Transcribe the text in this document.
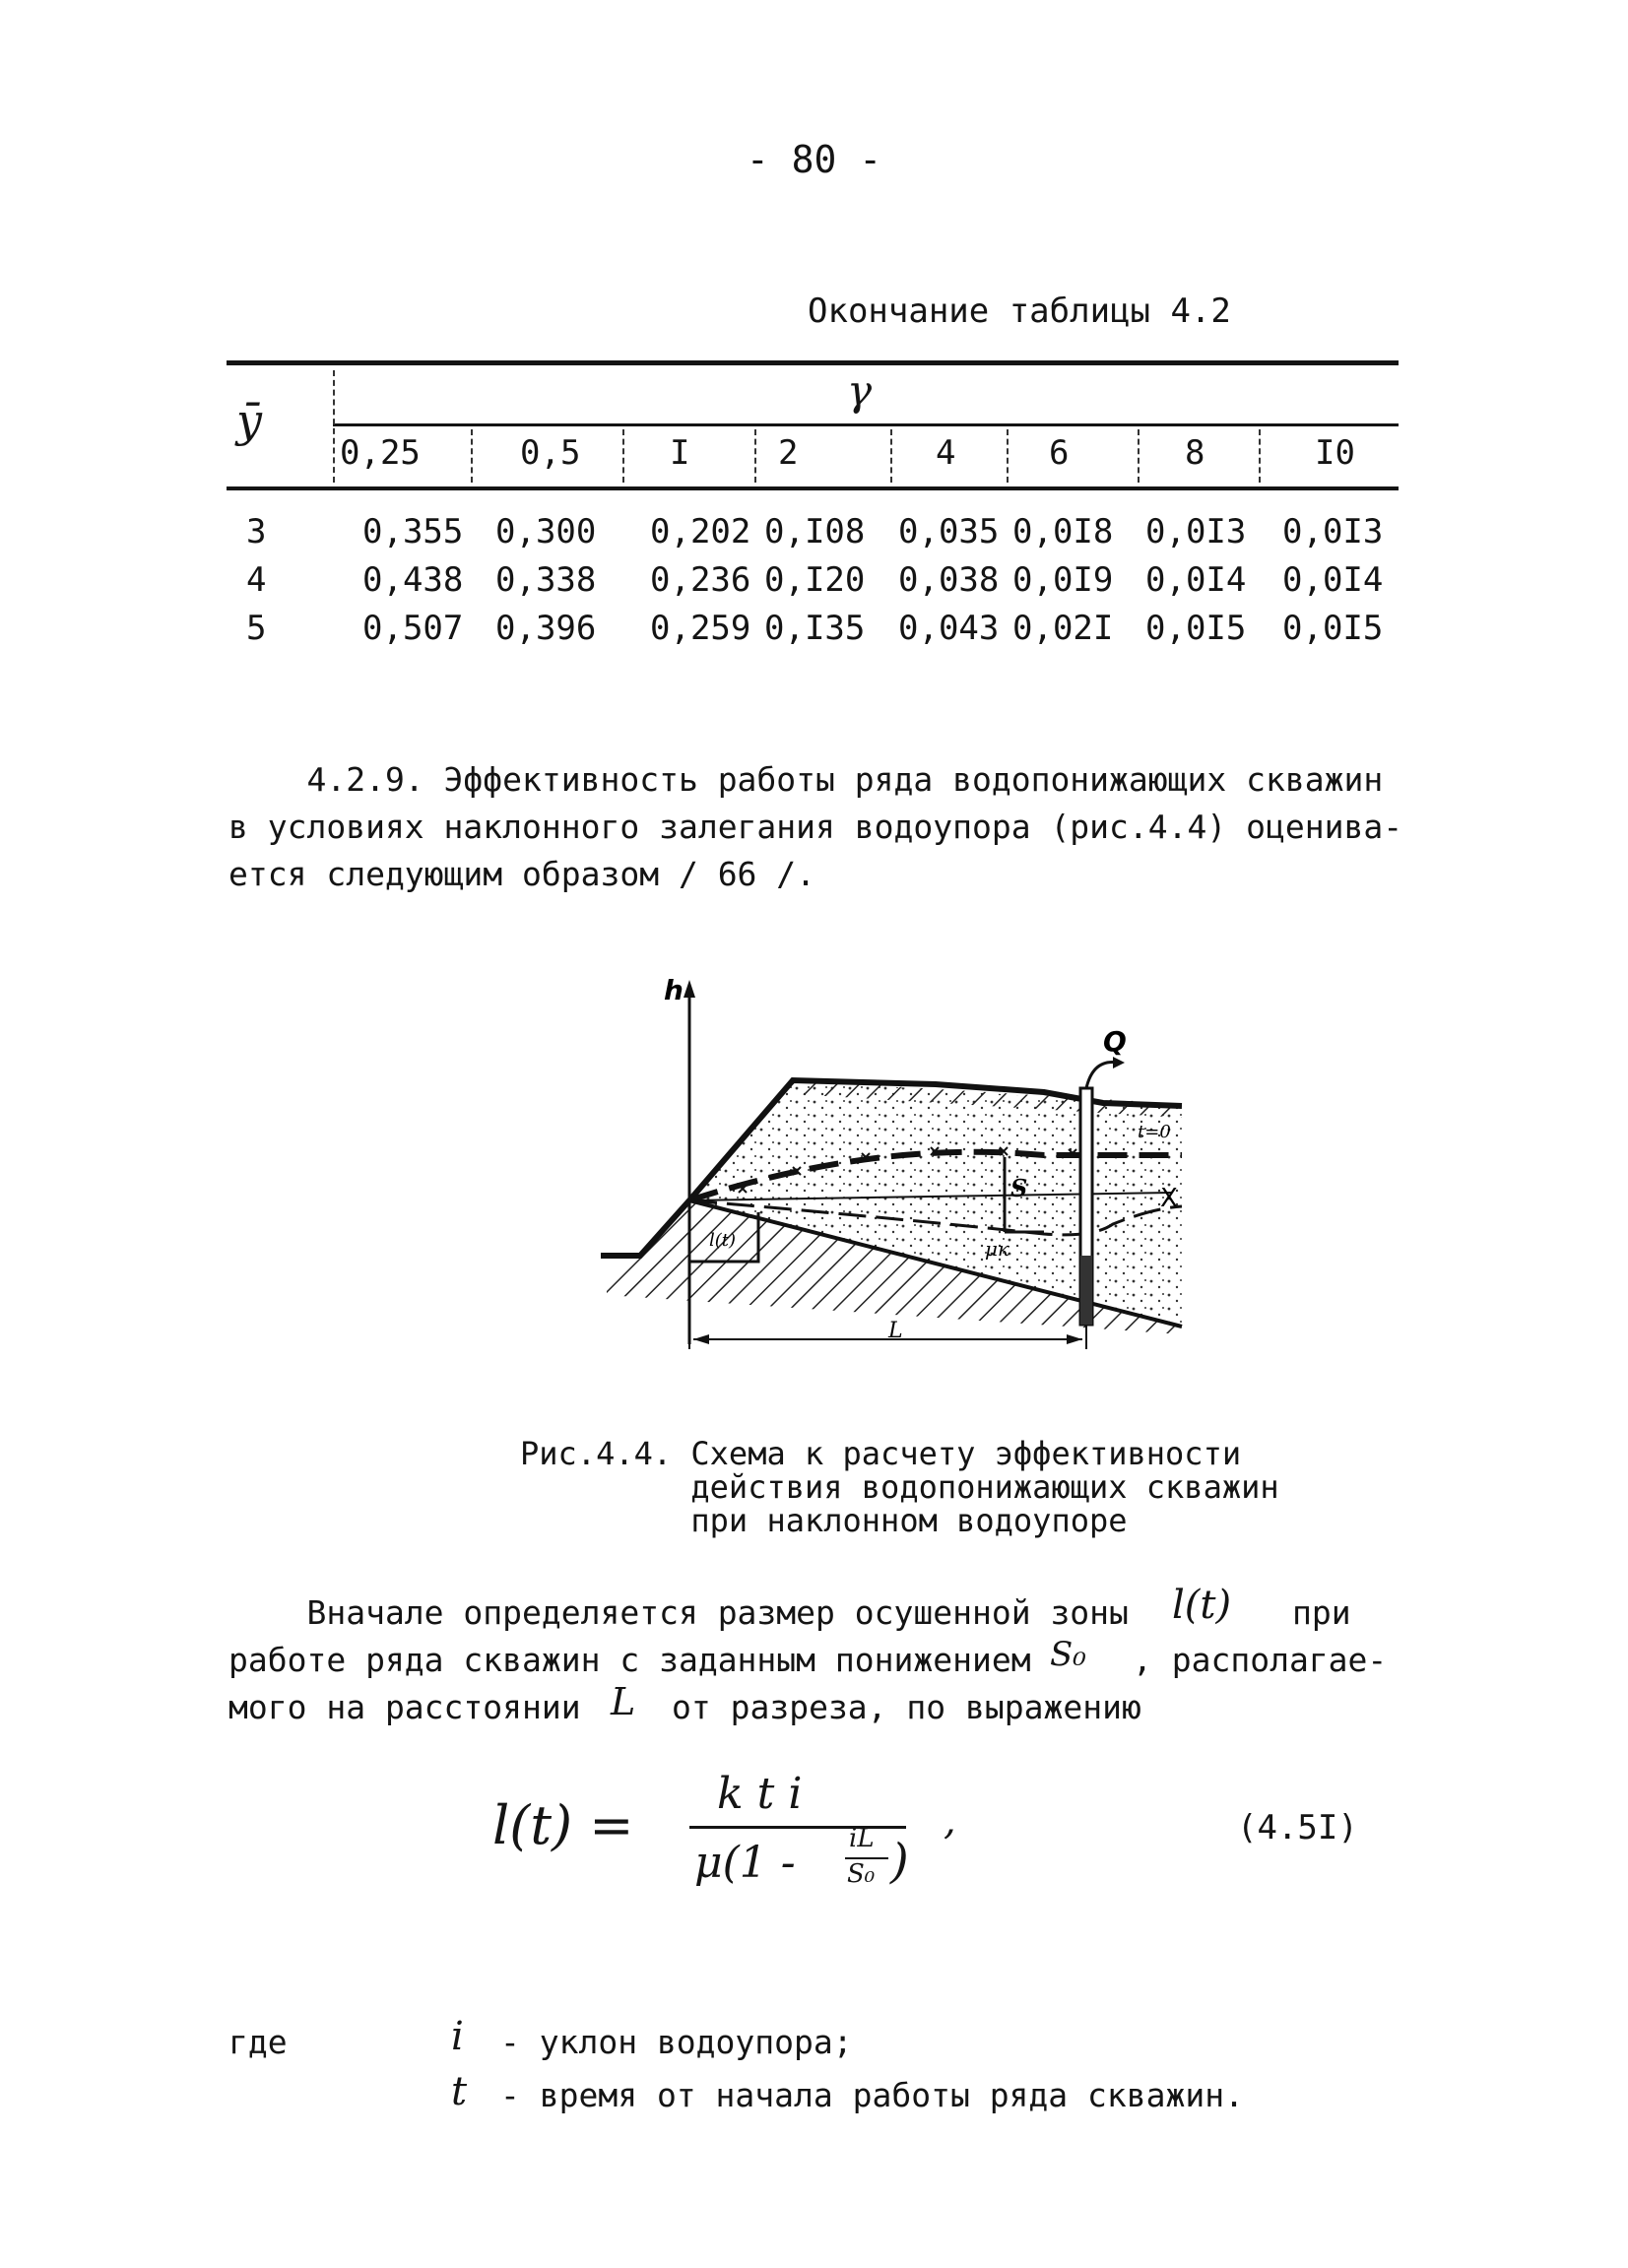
- 80 -
Окончание таблицы 4.2
ӯ
γ
0,25	0,5	I	2	4	6	8	I0
3	0,355 0,300 0,202 0,I08 0,035 0,0I8 0,0I3 0,0I3
4	0,438 0,338 0,236 0,I20 0,038 0,0I9 0,0I4 0,0I4
5	0,507 0,396 0,259 0,I35 0,043 0,02I 0,0I5 0,0I5
4.2.9. Эффективность работы ряда водопонижающих скважин
в условиях наклонного залегания водоупора (рис.4.4) оценива-
ется следующим образом / 66 /.
h
Q
t=0
X
S
l(t)	μк
L
Рис.4.4. Схема к расчету эффективности
действия водопонижающих скважин
при наклонном водоупоре
Вначале определяется размер осушенной зоны l(t) при
работе ряда скважин с заданным понижением S₀ , располагае-
мого на расстоянии L от разреза, по выражению
l(t) =
k t i
μ(1 - iL
S₀ )
,	(4.5I)
где	i - уклон водоупора;
t - время от начала работы ряда скважин.
